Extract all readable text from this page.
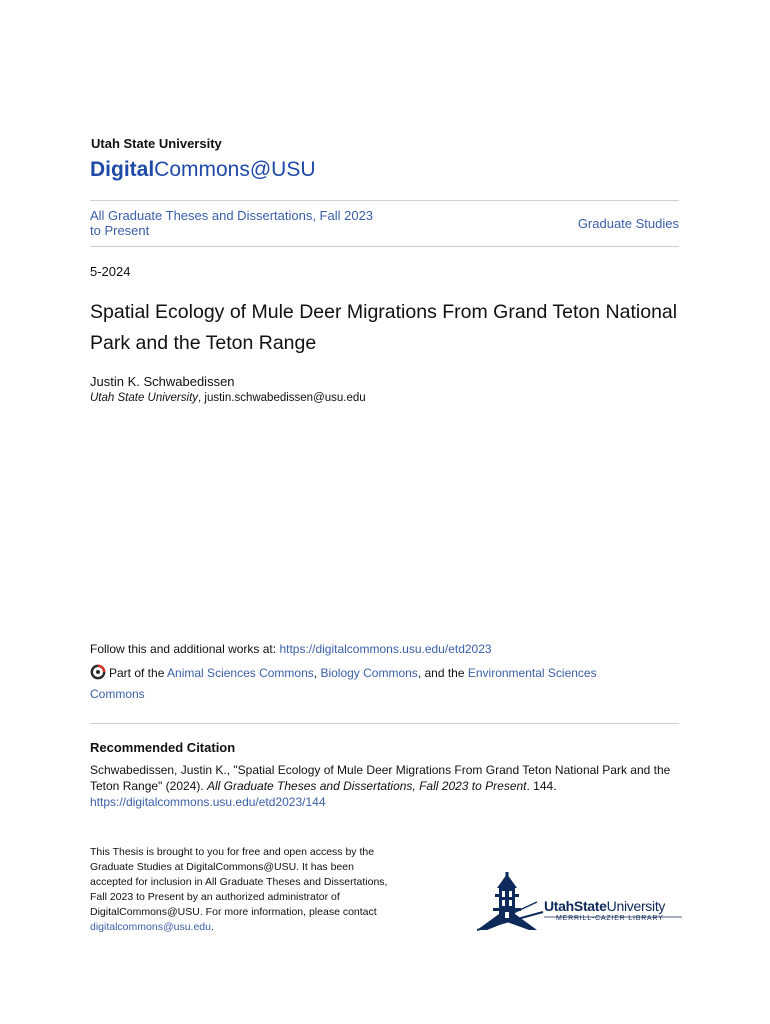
Utah State University
DigitalCommons@USU
All Graduate Theses and Dissertations, Fall 2023 to Present	Graduate Studies
5-2024
Spatial Ecology of Mule Deer Migrations From Grand Teton National Park and the Teton Range
Justin K. Schwabedissen
Utah State University, justin.schwabedissen@usu.edu
Follow this and additional works at: https://digitalcommons.usu.edu/etd2023
Part of the Animal Sciences Commons, Biology Commons, and the Environmental Sciences Commons
Recommended Citation
Schwabedissen, Justin K., "Spatial Ecology of Mule Deer Migrations From Grand Teton National Park and the Teton Range" (2024). All Graduate Theses and Dissertations, Fall 2023 to Present. 144.
https://digitalcommons.usu.edu/etd2023/144
This Thesis is brought to you for free and open access by the Graduate Studies at DigitalCommons@USU. It has been accepted for inclusion in All Graduate Theses and Dissertations, Fall 2023 to Present by an authorized administrator of DigitalCommons@USU. For more information, please contact digitalcommons@usu.edu.
UtahStateUniversity
MERRILL-CAZIER LIBRARY
